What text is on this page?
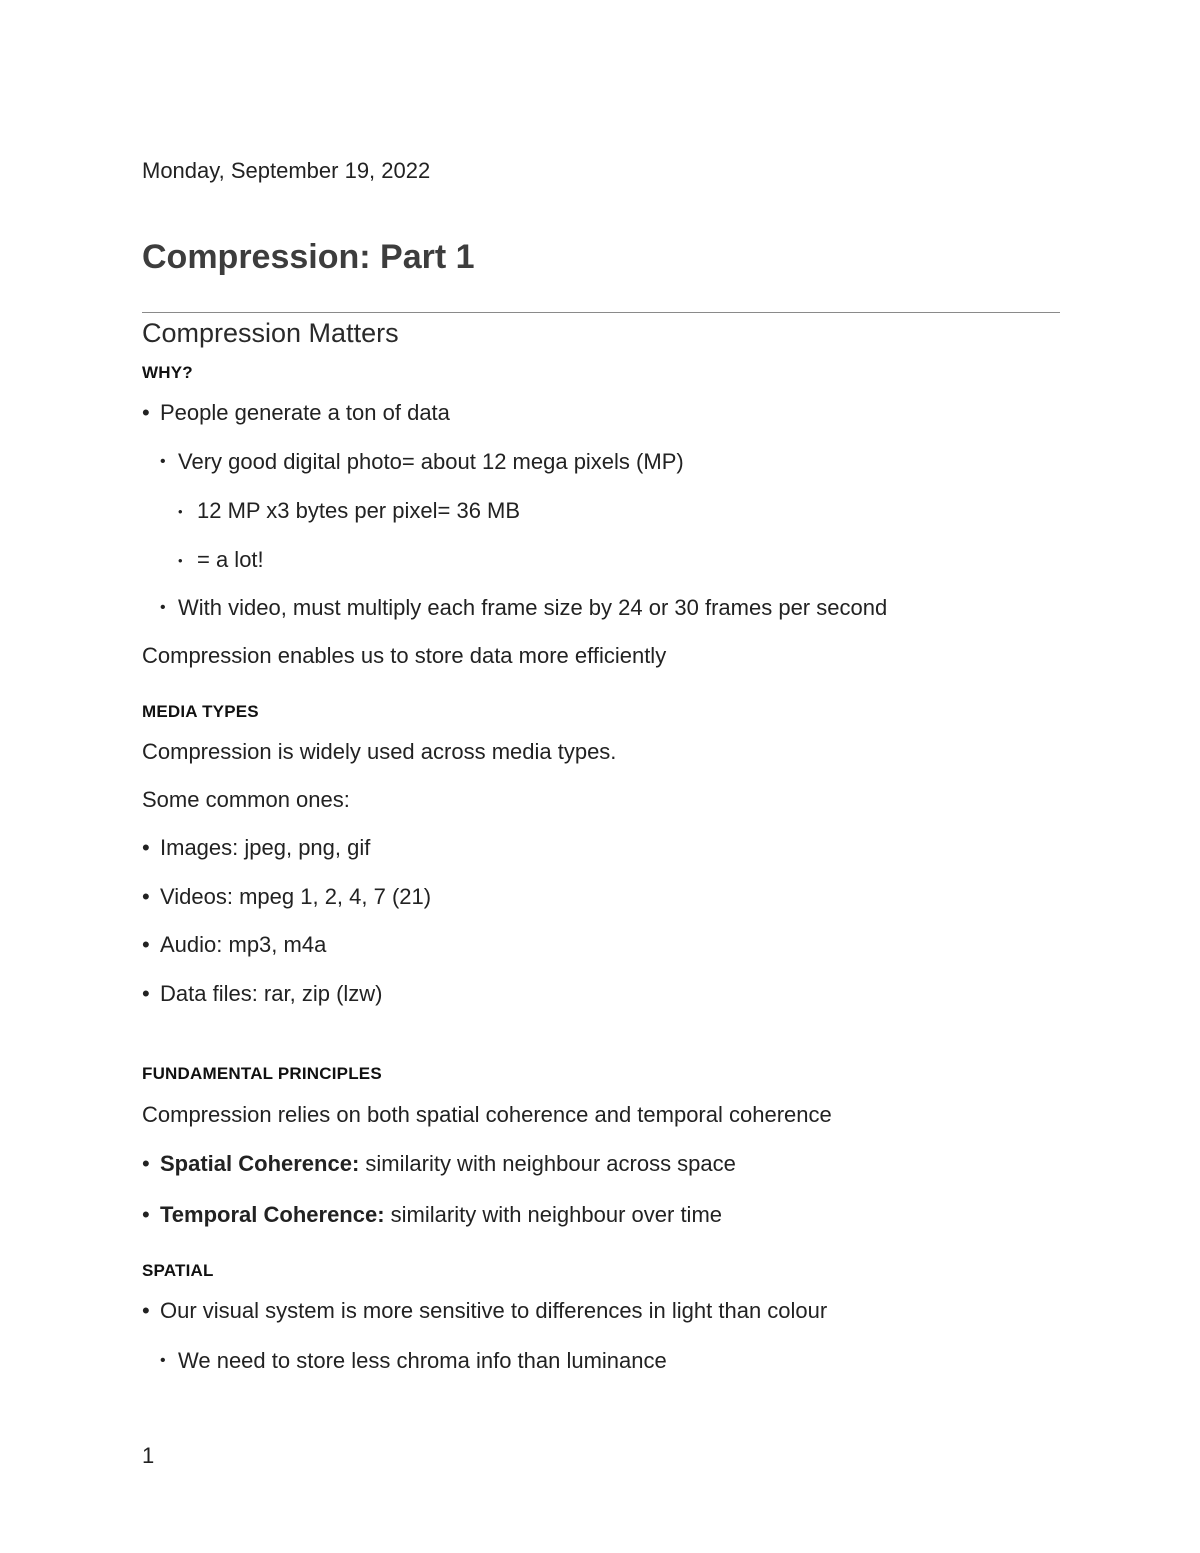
Monday, September 19, 2022
Compression: Part 1
Compression Matters
WHY?
• People generate a ton of data
• Very good digital photo= about 12 mega pixels (MP)
• 12 MP x3 bytes per pixel= 36 MB
• = a lot!
• With video, must multiply each frame size by 24 or 30 frames per second
Compression enables us to store data more efficiently
MEDIA TYPES
Compression is widely used across media types.
Some common ones:
• Images: jpeg, png, gif
• Videos: mpeg 1, 2, 4, 7 (21)
• Audio: mp3, m4a
• Data files: rar, zip (lzw)
FUNDAMENTAL PRINCIPLES
Compression relies on both spatial coherence and temporal coherence
• Spatial Coherence: similarity with neighbour across space
• Temporal Coherence: similarity with neighbour over time
SPATIAL
• Our visual system is more sensitive to differences in light than colour
• We need to store less chroma info than luminance
1
